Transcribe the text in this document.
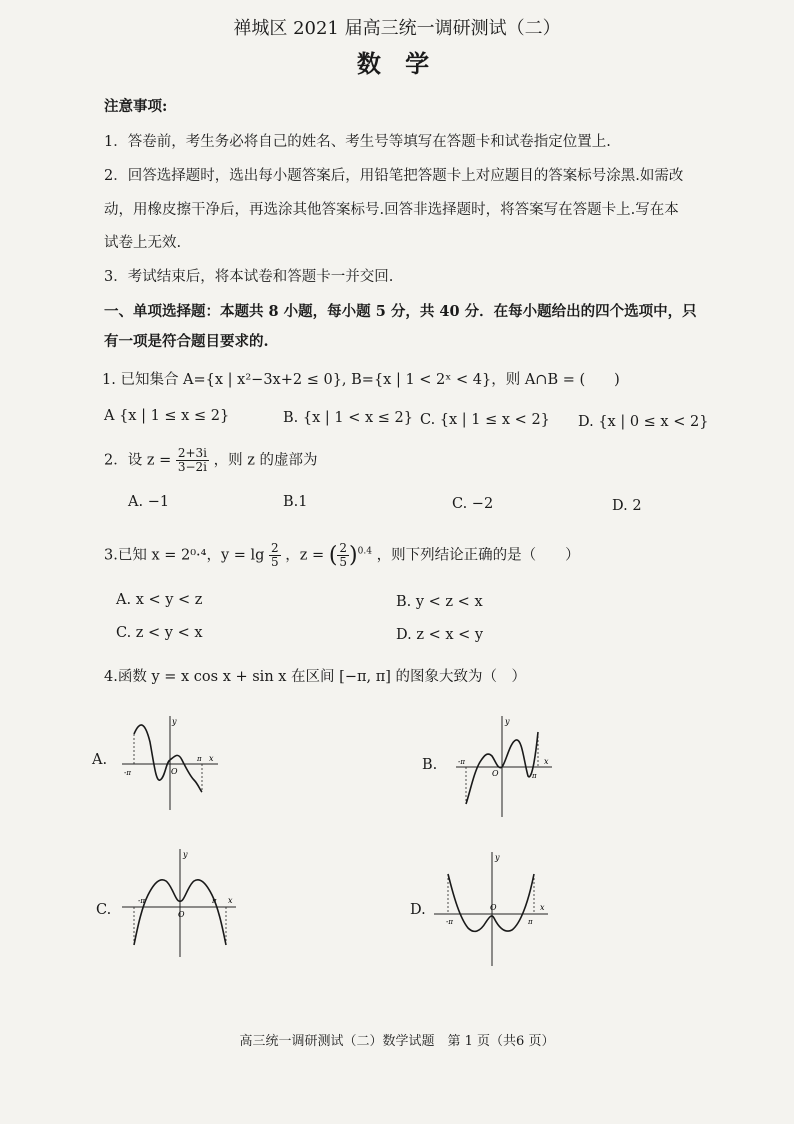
禅城区 2021 届高三统一调研测试（二）
数 学
注意事项:
1．答卷前，考生务必将自己的姓名、考生号等填写在答题卡和试卷指定位置上.
2．回答选择题时，选出每小题答案后，用铅笔把答题卡上对应题目的答案标号涂黑.如需改
动，用橡皮擦干净后，再选涂其他答案标号.回答非选择题时，将答案写在答题卡上.写在本
试卷上无效.
3．考试结束后，将本试卷和答题卡一并交回.
一、单项选择题：本题共 8 小题，每小题 5 分，共 40 分．在每小题给出的四个选项中，只
有一项是符合题目要求的.
1. 已知集合 A={x | x²−3x+2 ≤ 0}, B={x | 1 < 2ˣ < 4}，则 A∩B = (　　)
A {x | 1 ≤ x ≤ 2}	B. {x | 1 < x ≤ 2} C. {x | 1 ≤ x < 2} D. {x | 0 ≤ x < 2}
2．设 $z = \frac{2+3i}{3-2i}$ ，则 z 的虚部为
A. −1	B.1	C. −2	D. 2
3.已知 x = 2⁰·⁴，$y = \lg \frac{2}{5}$ ，z = ( $\frac{2}{5} )^{0.4}$ ，则下列结论正确的是（　　）
A. x < y < z	B. y < z < x
C. z < y < x	D. z < x < y
4.函数 y = x cos x + sin x 在区间 [−π, π] 的图象大致为（　）
A.	B.
C.	D.
y
x
O
-π
π
y
x
O
-π
π
y
x
O
-π	π
y
x
O
-π	π
高三统一调研测试（二）数学试题　第 1 页（共6 页）
